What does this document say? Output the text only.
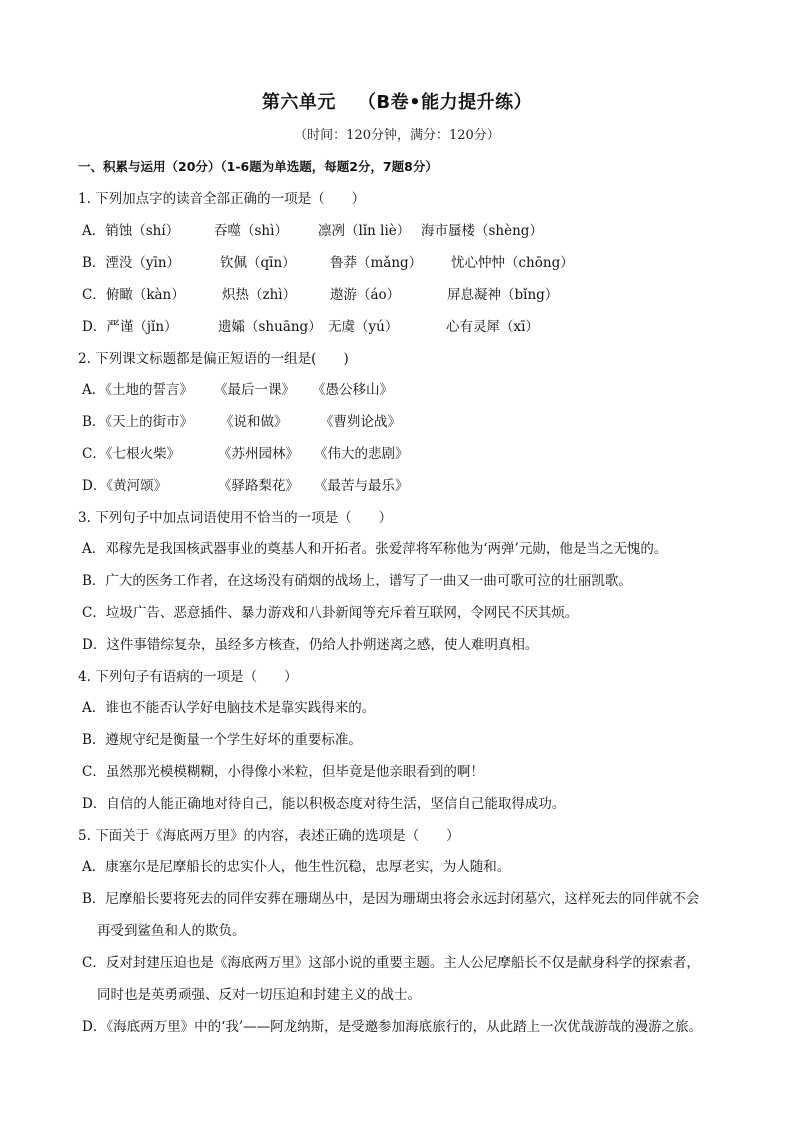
第六单元 （B卷•能力提升练）
（时间：120分钟，满分：120分）
一、积累与运用（20分）（1-6题为单选题，每题2分，7题8分）
1. 下列加点字的读音全部正确的一项是（　　）
A．销蚀（shí）	吞噬（shì） 凛冽（lǐn liè） 海市蜃楼（shèng）
B．湮没（yīn）	钦佩（qīn）	鲁莽（mǎng） 忧心忡忡（chōng）
C．俯瞰（kàn）	炽热（zhì）	遨游（áo）	屏息凝神（bǐng）
D．严谨（jǐn）	遗孀（shuāng） 无虞（yú）	心有灵犀（xī）
2. 下列课文标题都是偏正短语的一组是(　　)
A．《土地的誓言》 《最后一课》 《愚公移山》
B．《天上的街市》 《说和做》 《曹刿论战》
C．《七根火柴》	《苏州园林》 《伟大的悲剧》
D．《黄河颂》	《驿路梨花》 《最苦与最乐》
3. 下列句子中加点词语使用不恰当的一项是（　　）
A．邓稼先是我国核武器事业的奠基人和开拓者。张爱萍将军称他为‘两弹’元勋，他是当之无愧的。
B．广大的医务工作者，在这场没有硝烟的战场上，谱写了一曲又一曲可歌可泣的壮丽凯歌。
C．垃圾广告、恶意插件、暴力游戏和八卦新闻等充斥着互联网，令网民不厌其烦。
D．这件事错综复杂，虽经多方核查，仍给人扑朔迷离之感，使人难明真相。
4. 下列句子有语病的一项是（　　）
A．谁也不能否认学好电脑技术是靠实践得来的。
B．遵规守纪是衡量一个学生好坏的重要标准。
C．虽然那光模模糊糊，小得像小米粒，但毕竟是他亲眼看到的啊！
D．自信的人能正确地对待自己，能以积极态度对待生活，坚信自己能取得成功。
5. 下面关于《海底两万里》的内容，表述正确的选项是（　　）
A．康塞尔是尼摩船长的忠实仆人，他生性沉稳，忠厚老实，为人随和。
B．尼摩船长要将死去的同伴安葬在珊瑚丛中，是因为珊瑚虫将会永远封闭墓穴，这样死去的同伴就不会
再受到鲨鱼和人的欺负。
C．反对封建压迫也是《海底两万里》这部小说的重要主题。主人公尼摩船长不仅是献身科学的探索者，
同时也是英勇顽强、反对一切压迫和封建主义的战士。
D．《海底两万里》中的‘我’——阿龙纳斯，是受邀参加海底旅行的，从此踏上一次优哉游哉的漫游之旅。
